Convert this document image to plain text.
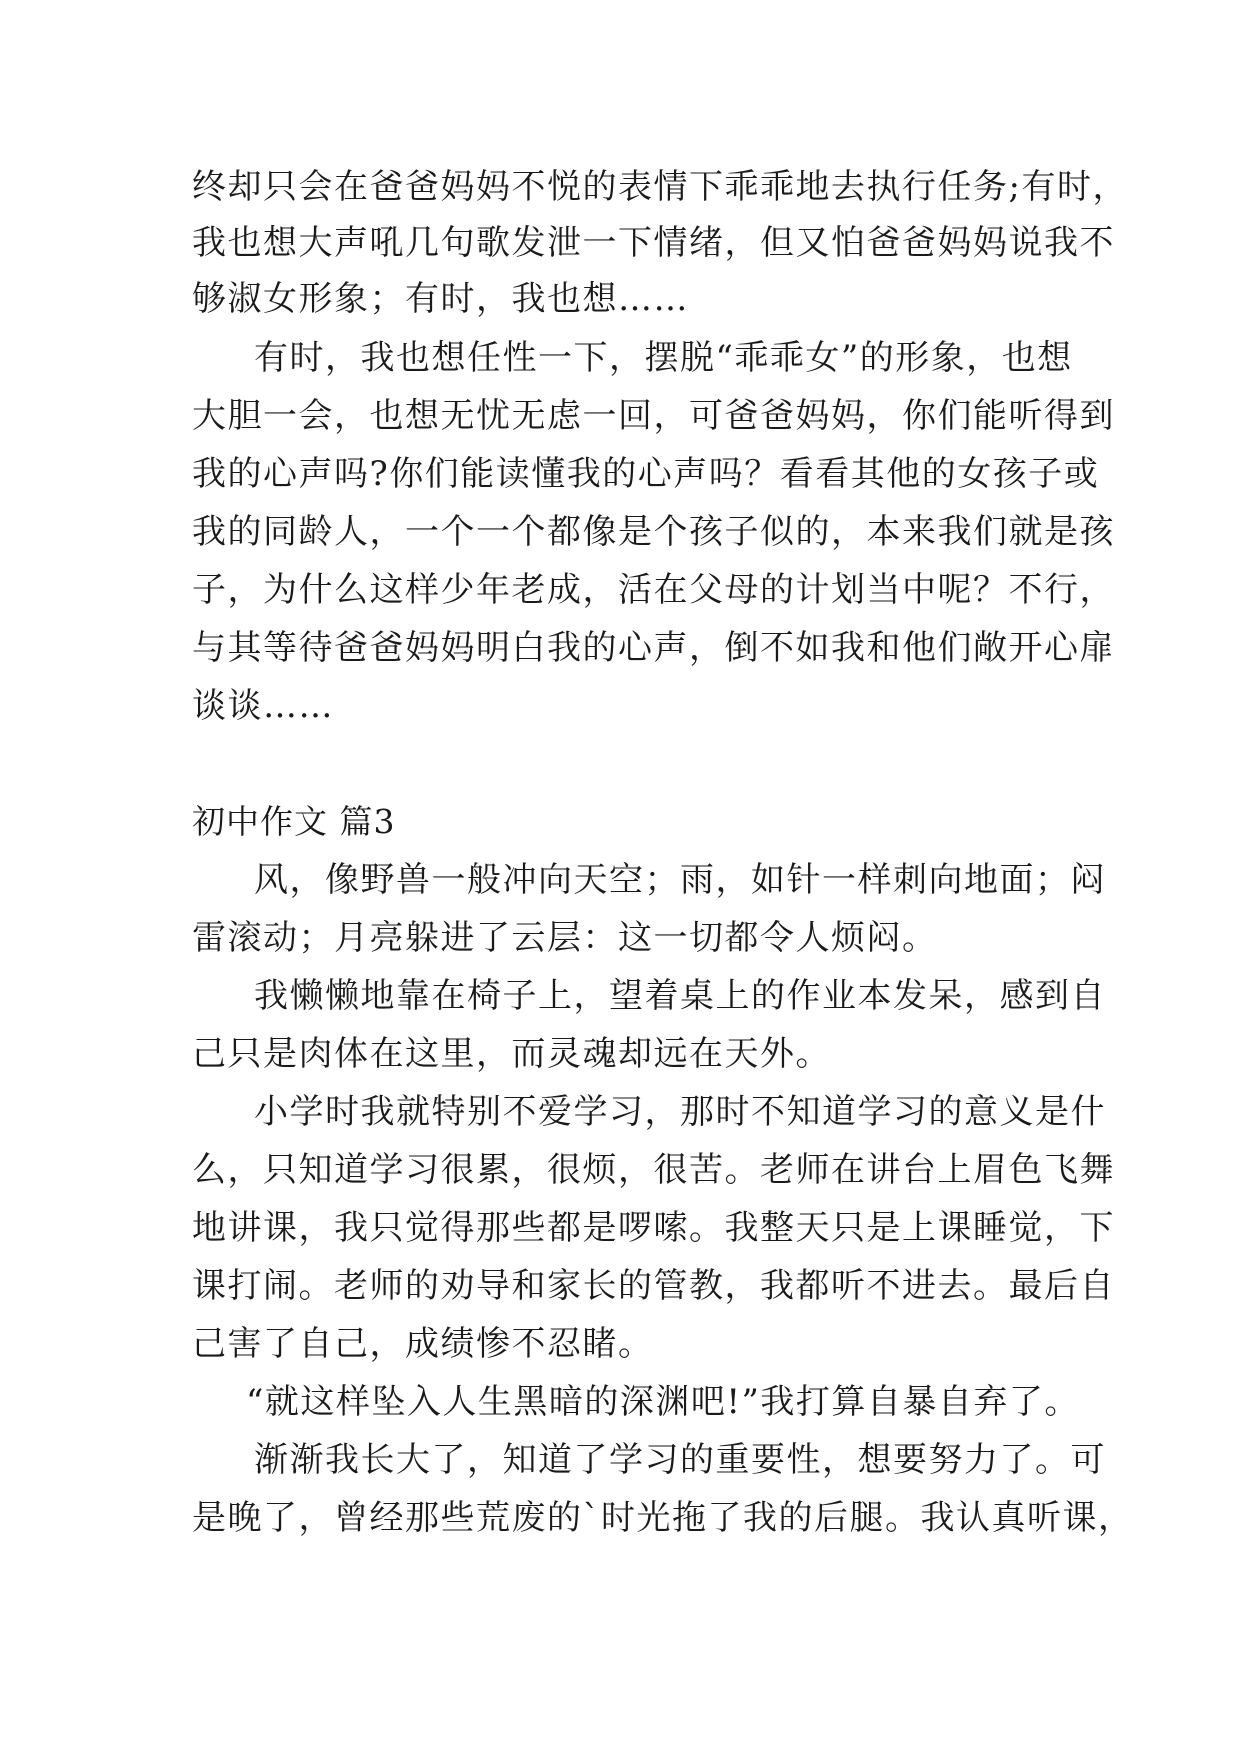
终却只会在爸爸妈妈不悦的表情下乖乖地去执行任务;有时，
我也想大声吼几句歌发泄一下情绪，但又怕爸爸妈妈说我不
够淑女形象；有时，我也想……
有时，我也想任性一下，摆脱“乖乖女”的形象，也想
大胆一会，也想无忧无虑一回，可爸爸妈妈，你们能听得到
我的心声吗?你们能读懂我的心声吗？看看其他的女孩子或
我的同龄人，一个一个都像是个孩子似的，本来我们就是孩
子，为什么这样少年老成，活在父母的计划当中呢？不行，
与其等待爸爸妈妈明白我的心声，倒不如我和他们敞开心扉
谈谈……
初中作文 篇3
风，像野兽一般冲向天空；雨，如针一样刺向地面；闷
雷滚动；月亮躲进了云层：这一切都令人烦闷。
我懒懒地靠在椅子上，望着桌上的作业本发呆，感到自
己只是肉体在这里，而灵魂却远在天外。
小学时我就特别不爱学习，那时不知道学习的意义是什
么，只知道学习很累，很烦，很苦。老师在讲台上眉色飞舞
地讲课，我只觉得那些都是啰嗦。我整天只是上课睡觉，下
课打闹。老师的劝导和家长的管教，我都听不进去。最后自
己害了自己，成绩惨不忍睹。
“就这样坠入人生黑暗的深渊吧!”我打算自暴自弃了。
渐渐我长大了，知道了学习的重要性，想要努力了。可
是晚了，曾经那些荒废的`时光拖了我的后腿。我认真听课，
